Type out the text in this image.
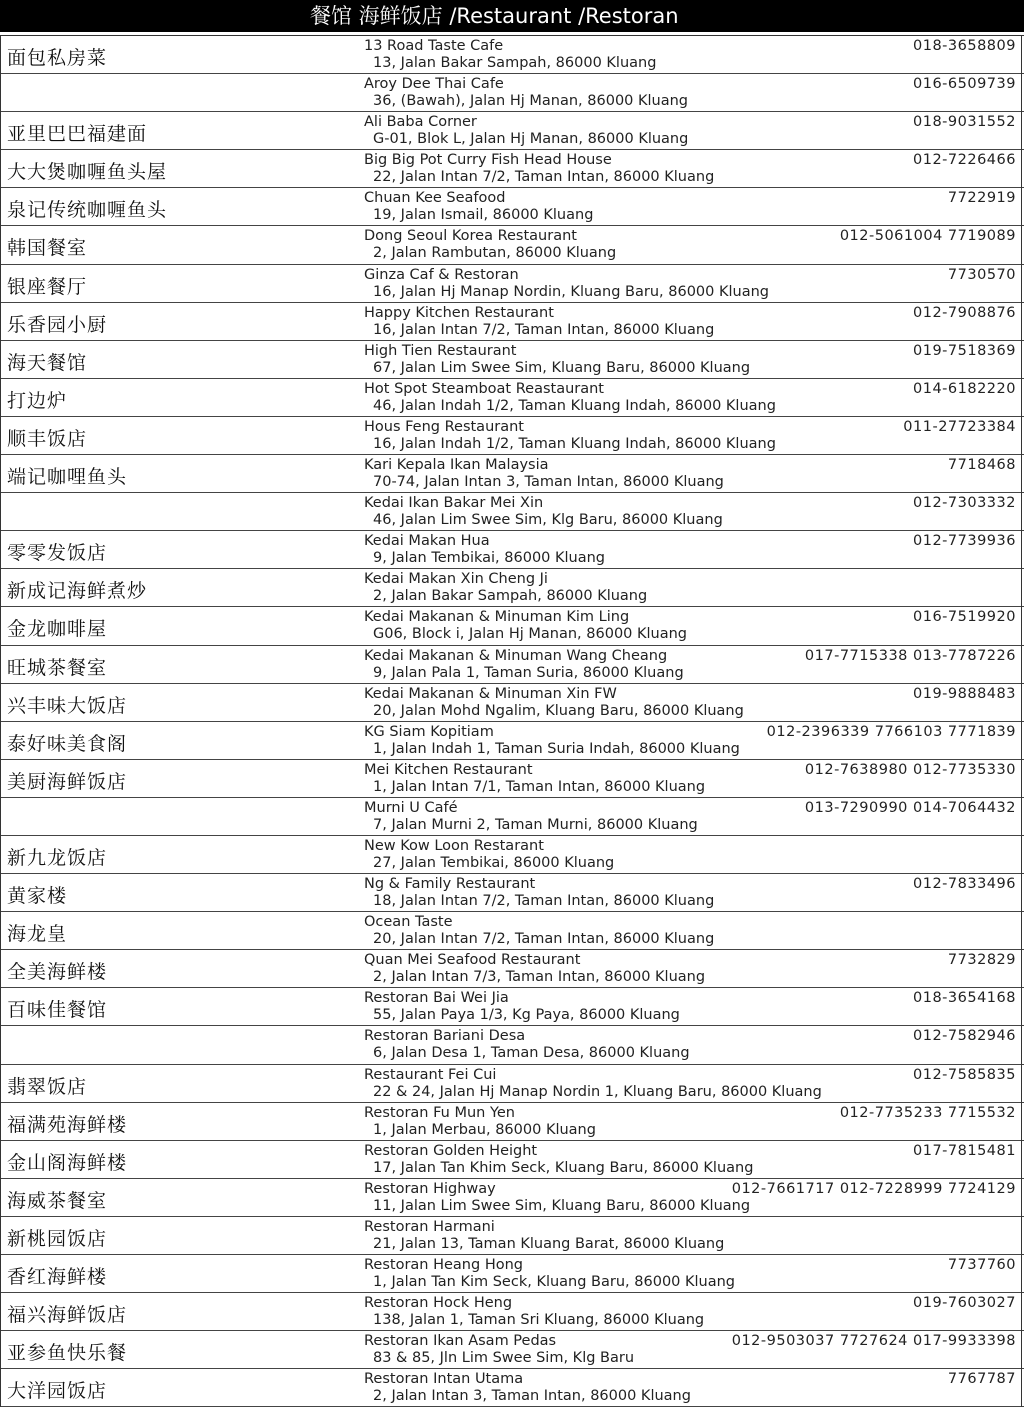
餐馆 海鲜饭店 /Restaurant /Restoran
面包私房菜
13 Road Taste Cafe
13, Jalan Bakar Sampah, 86000 Kluang
018-3658809
Aroy Dee Thai Cafe
36, (Bawah), Jalan Hj Manan, 86000 Kluang
016-6509739
亚里巴巴福建面
Ali Baba Corner
G-01, Blok L, Jalan Hj Manan, 86000 Kluang
018-9031552
大大煲咖喱鱼头屋
Big Big Pot Curry Fish Head House
22, Jalan Intan 7/2, Taman Intan, 86000 Kluang
012-7226466
泉记传统咖喱鱼头
Chuan Kee Seafood
19, Jalan Ismail, 86000 Kluang
7722919
韩国餐室
Dong Seoul Korea Restaurant
2, Jalan Rambutan, 86000 Kluang
012-5061004 7719089
银座餐厅
Ginza Caf & Restoran
16, Jalan Hj Manap Nordin, Kluang Baru, 86000 Kluang
7730570
乐香园小厨
Happy Kitchen Restaurant
16, Jalan Intan 7/2, Taman Intan, 86000 Kluang
012-7908876
海天餐馆
High Tien Restaurant
67, Jalan Lim Swee Sim, Kluang Baru, 86000 Kluang
019-7518369
打边炉
Hot Spot Steamboat Reastaurant
46, Jalan Indah 1/2, Taman Kluang Indah, 86000 Kluang
014-6182220
顺丰饭店
Hous Feng Restaurant
16, Jalan Indah 1/2, Taman Kluang Indah, 86000 Kluang
011-27723384
端记咖哩鱼头
Kari Kepala Ikan Malaysia
70-74, Jalan Intan 3, Taman Intan, 86000 Kluang
7718468
Kedai Ikan Bakar Mei Xin
46, Jalan Lim Swee Sim, Klg Baru, 86000 Kluang
012-7303332
零零发饭店
Kedai Makan Hua
9, Jalan Tembikai, 86000 Kluang
012-7739936
新成记海鲜煮炒
Kedai Makan Xin Cheng Ji
2, Jalan Bakar Sampah, 86000 Kluang
金龙咖啡屋
Kedai Makanan & Minuman Kim Ling
G06, Block i, Jalan Hj Manan, 86000 Kluang
016-7519920
旺城茶餐室
Kedai Makanan & Minuman Wang Cheang
9, Jalan Pala 1, Taman Suria, 86000 Kluang
017-7715338 013-7787226
兴丰味大饭店
Kedai Makanan & Minuman Xin FW
20, Jalan Mohd Ngalim, Kluang Baru, 86000 Kluang
019-9888483
泰好味美食阁
KG Siam Kopitiam
1, Jalan Indah 1, Taman Suria Indah, 86000 Kluang
012-2396339 7766103 7771839
美厨海鲜饭店
Mei Kitchen Restaurant
1, Jalan Intan 7/1, Taman Intan, 86000 Kluang
012-7638980 012-7735330
Murni U Café
7, Jalan Murni 2, Taman Murni, 86000 Kluang
013-7290990 014-7064432
新九龙饭店
New Kow Loon Restarant
27, Jalan Tembikai, 86000 Kluang
黄家楼
Ng & Family Restaurant
18, Jalan Intan 7/2, Taman Intan, 86000 Kluang
012-7833496
海龙皇
Ocean Taste
20, Jalan Intan 7/2, Taman Intan, 86000 Kluang
全美海鲜楼
Quan Mei Seafood Restaurant
2, Jalan Intan 7/3, Taman Intan, 86000 Kluang
7732829
百味佳餐馆
Restoran Bai Wei Jia
55, Jalan Paya 1/3, Kg Paya, 86000 Kluang
018-3654168
Restoran Bariani Desa
6, Jalan Desa 1, Taman Desa, 86000 Kluang
012-7582946
翡翠饭店
Restaurant Fei Cui
22 & 24, Jalan Hj Manap Nordin 1, Kluang Baru, 86000 Kluang
012-7585835
福满苑海鲜楼
Restoran Fu Mun Yen
1, Jalan Merbau, 86000 Kluang
012-7735233 7715532
金山阁海鲜楼
Restoran Golden Height
17, Jalan Tan Khim Seck, Kluang Baru, 86000 Kluang
017-7815481
海威茶餐室
Restoran Highway
11, Jalan Lim Swee Sim, Kluang Baru, 86000 Kluang
012-7661717 012-7228999 7724129
新桃园饭店
Restoran Harmani
21, Jalan 13, Taman Kluang Barat, 86000 Kluang
香红海鲜楼
Restoran Heang Hong
1, Jalan Tan Kim Seck, Kluang Baru, 86000 Kluang
7737760
福兴海鲜饭店
Restoran Hock Heng
138, Jalan 1, Taman Sri Kluang, 86000 Kluang
019-7603027
亚参鱼快乐餐
Restoran Ikan Asam Pedas
83 & 85, Jln Lim Swee Sim, Klg Baru
012-9503037 7727624 017-9933398
大洋园饭店
Restoran Intan Utama
2, Jalan Intan 3, Taman Intan, 86000 Kluang
7767787
